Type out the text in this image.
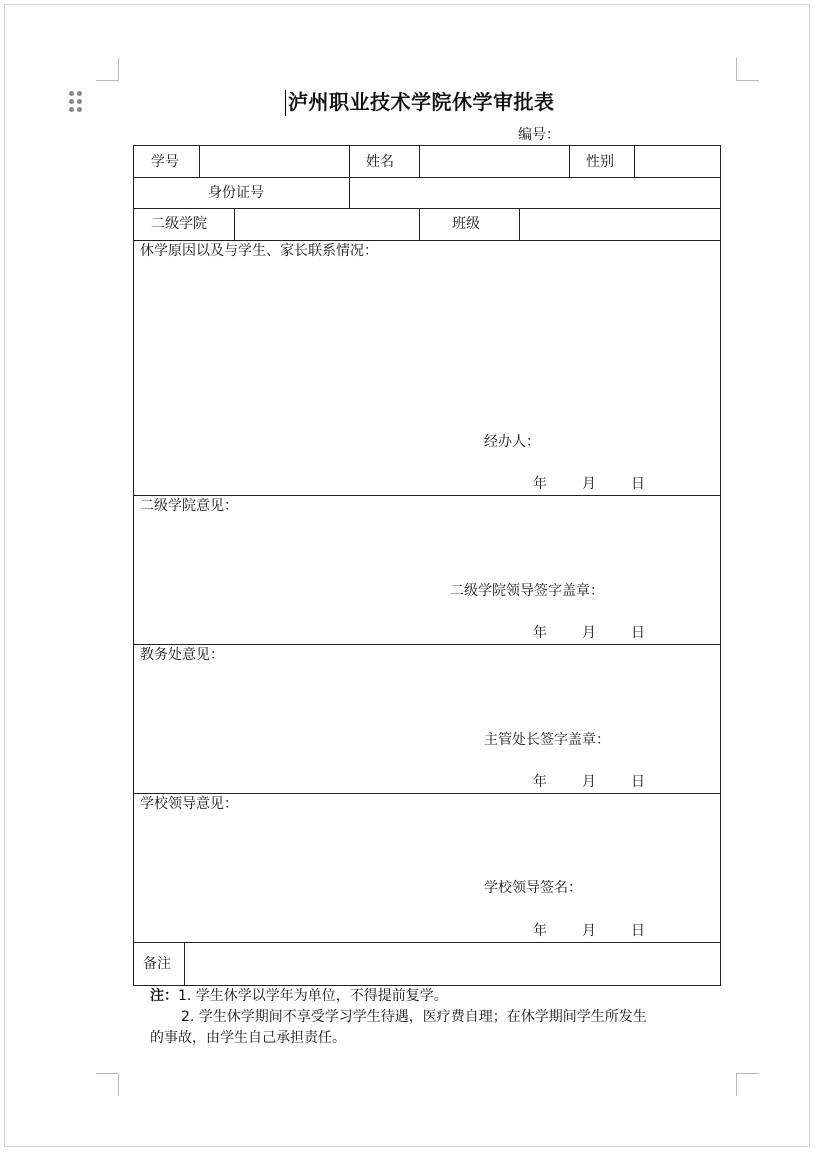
泸州职业技术学院休学审批表
编号：
学号	姓名	性别
身份证号
二级学院	班级
休学原因以及与学生、家长联系情况：
经办人：
年	月	日
二级学院意见：
二级学院领导签字盖章：
年	月	日
教务处意见：
主管处长签字盖章：
年	月	日
学校领导意见：
学校领导签名：
年	月	日
备注
注：1. 学生休学以学年为单位，不得提前复学。
2. 学生休学期间不享受学习学生待遇，医疗费自理；在休学期间学生所发生
的事故，由学生自己承担责任。
